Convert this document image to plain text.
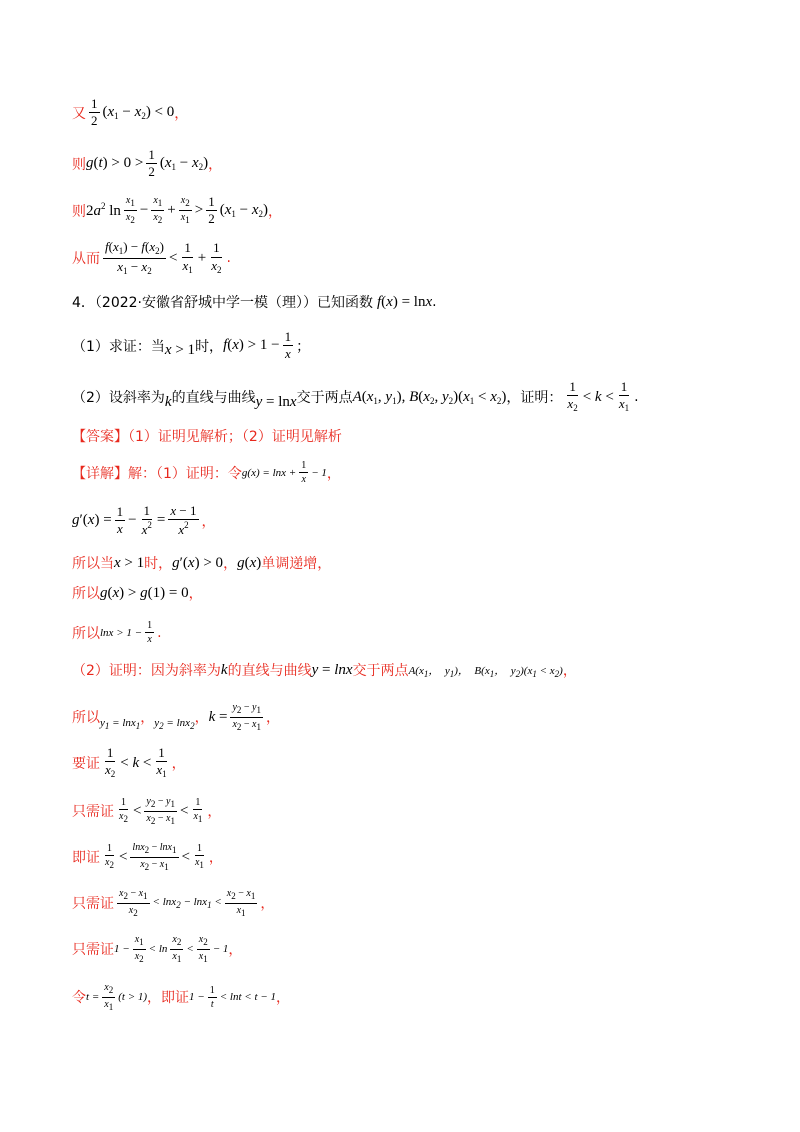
又 $\frac{1}{2} (x_1 - x_2) < 0$ ，
则 $g(t) > 0 > \frac{1}{2} (x_1 - x_2)$ ，
则 $2a^2$ $\ln \frac{x_1}{x_2} - \frac{x_1}{x_2} + \frac{x_2}{x_1} > \frac{1}{2} (x_1 - x_2)$ ，
从而 $\frac{f(x_1) - f(x_2)}{x_1 - x_2} < \frac{1}{x_1} + \frac{1}{x_2}$ .
4．（2022·安徽省舒城中学一模（理））已知函数 f(x) = lnx .
（1）求证：当 x > 1 时， $f(x) > 1 - \frac{1}{x}$ ；
（2）设斜率为 k 的直线与曲线 y = lnx 交于两点 $A(x_1$, $y_1$), $B(x_2$, $y_2)(x_1 < x_2)$ ，证明： $\frac{1}{x_2} < k < \frac{1}{x_1}$ .
【答案】（1）证明见解析；（2）证明见解析
【详解】解：（1）证明：令 $g(x) = \ln x + \frac{1}{x} - 1$ ，
$g'(x) = \frac{1}{x} - \frac{1}{x^2} = \frac{x - 1}{x^2}$ ，
所以当 x > 1 时， g′(x) > 0 ， g(x) 单调递增，
所以 g(x) > g(1) = 0 ，
所以 $\ln x > 1 - \frac{1}{x}$ .
（2）证明：因为斜率为 k 的直线与曲线 y = lnx 交于两点 $A(x_1$，  $y_1$)，  $B(x_1$，  $y_2)(x_1 < x_2)$ ，
所以 $y_1 = \ln x_1$ ， $y_2 = \ln x_2$ ， $k = \frac{y_2 - y_1}{x_2 - x_1}$ ，
要证 $\frac{1}{x_2} < k < \frac{1}{x_1}$ ，
只需证 $\frac{1}{x_2} < \frac{y_2 - y_1}{x_2 - x_1} < \frac{1}{x_1}$ ，
即证 $\frac{1}{x_2} < \frac{\ln x_2 - \ln x_1}{x_2 - x_1} < \frac{1}{x_1}$ ，
只需证 $\frac{x_2 - x_1}{x_2} < \ln x_2 - \ln x_1 < \frac{x_2 - x_1}{x_1}$ ，
只需证 $1 - \frac{x_1}{x_2} < \ln \frac{x_2}{x_1} < \frac{x_2}{x_1} - 1$ ，
令 $t = \frac{x_2}{x_1} (t > 1)$ ，即证 $1 - \frac{1}{t} < \ln t < t - 1$ ，
